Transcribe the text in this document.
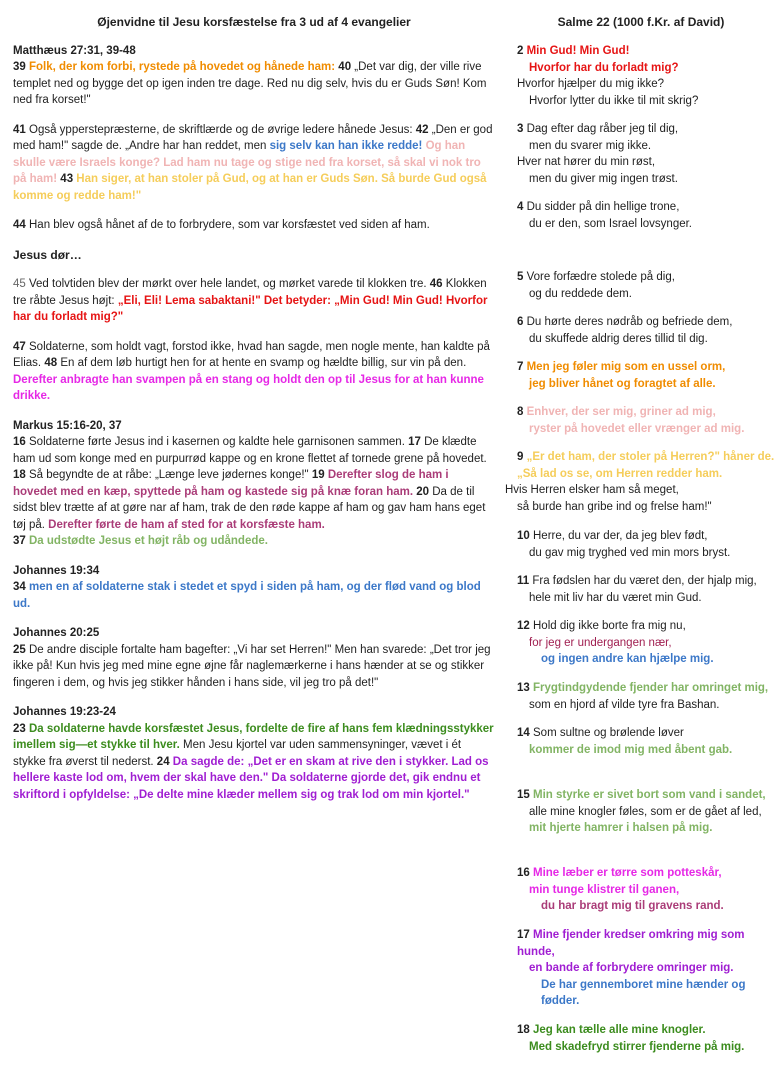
Øjenvidne til Jesu korsfæstelse fra 3 ud af 4 evangelier
Matthæus 27:31, 39-48

39 Folk, der kom forbi, rystede på hovedet og hånede ham: 40 „Det var dig, der ville rive templet ned og bygge det op igen inden tre dage. Red nu dig selv, hvis du er Guds Søn! Kom ned fra korset!"

41 Også ypperstepræsterne, de skriftlærde og de øvrige ledere hånede Jesus: 42 „Den er god med ham!" sagde de. „Andre har han reddet, men sig selv kan han ikke redde! Og han skulle være Israels konge? Lad ham nu tage og stige ned fra korset, så skal vi nok tro på ham! 43 Han siger, at han stoler på Gud, og at han er Guds Søn. Så burde Gud også komme og redde ham!"

44 Han blev også hånet af de to forbrydere, som var korsfæstet ved siden af ham.

Jesus dør…

45 Ved tolvtiden blev der mørkt over hele landet, og mørket varede til klokken tre. 46 Klokken tre råbte Jesus højt: „Eli, Eli! Lema sabaktani!" Det betyder: „Min Gud! Min Gud! Hvorfor har du forladt mig?"

47 Soldaterne, som holdt vagt, forstod ikke, hvad han sagde, men nogle mente, han kaldte på Elias. 48 En af dem løb hurtigt hen for at hente en svamp og hældte billig, sur vin på den. Derefter anbragte han svampen på en stang og holdt den op til Jesus for at han kunne drikke.

Markus 15:16-20, 37

16 Soldaterne førte Jesus ind i kasernen og kaldte hele garnisonen sammen. 17 De klædte ham ud som konge med en purpurrød kappe og en krone flettet af tornede grene på hovedet. 18 Så begyndte de at råbe: „Længe leve jødernes konge!" 19 Derefter slog de ham i hovedet med en kæp, spyttede på ham og kastede sig på knæ foran ham. 20 Da de til sidst blev trætte af at gøre nar af ham, trak de den røde kappe af ham og gav ham hans eget tøj på. Derefter førte de ham af sted for at korsfæste ham.

37 Da udstødte Jesus et højt råb og udåndede.

Johannes 19:34

34 men en af soldaterne stak i stedet et spyd i siden på ham, og der flød vand og blod ud.

Johannes 20:25

25 De andre disciple fortalte ham bagefter: „Vi har set Herren!" Men han svarede: „Det tror jeg ikke på! Kun hvis jeg med mine egne øjne får naglemærkerne i hans hænder at se og stikker fingeren i dem, og hvis jeg stikker hånden i hans side, vil jeg tro på det!"

Johannes 19:23-24

23 Da soldaterne havde korsfæstet Jesus, fordelte de fire af hans fem klædningsstykker imellem sig—et stykke til hver. Men Jesu kjortel var uden sammensyninger, vævet i ét stykke fra øverst til nederst. 24 Da sagde de: „Det er en skam at rive den i stykker. Lad os hellere kaste lod om, hvem der skal have den." Da soldaterne gjorde det, gik endnu et skriftord i opfyldelse: „De delte mine klæder mellem sig og trak lod om min kjortel."

Salme 22 (1000 f.Kr. af David)
2 Min Gud! Min Gud!
Hvorfor har du forladt mig?
Hvorfor hjælper du mig ikke?
Hvorfor lytter du ikke til mit skrig?
3 Dag efter dag råber jeg til dig,
men du svarer mig ikke.
Hver nat hører du min røst,
men du giver mig ingen trøst.
4 Du sidder på din hellige trone,
du er den, som Israel lovsynger.
5 Vore forfædre stolede på dig,
og du reddede dem.
6 Du hørte deres nødråb og befriede dem,
du skuffede aldrig deres tillid til dig.
7 Men jeg føler mig som en ussel orm,
jeg bliver hånet og foragtet af alle.
8 Enhver, der ser mig, griner ad mig,
ryster på hovedet eller vrænger ad mig.
9 „Er det ham, der stoler på Herren?" håner de.
„Så lad os se, om Herren redder ham.
Hvis Herren elsker ham så meget,
så burde han gribe ind og frelse ham!"
10 Herre, du var der, da jeg blev født,
du gav mig tryghed ved min mors bryst.
11 Fra fødslen har du været den, der hjalp mig,
hele mit liv har du været min Gud.
12 Hold dig ikke borte fra mig nu,
for jeg er undergangen nær,
og ingen andre kan hjælpe mig.
13 Frygtindgydende fjender har omringet mig,
som en hjord af vilde tyre fra Bashan.
14 Som sultne og brølende løver
kommer de imod mig med åbent gab.
15 Min styrke er sivet bort som vand i sandet,
alle mine knogler føles, som er de gået af led,
mit hjerte hamrer i halsen på mig.
16 Mine læber er tørre som potteskår,
min tunge klistrer til ganen,
du har bragt mig til gravens rand.
17 Mine fjender kredser omkring mig som hunde,
en bande af forbrydere omringer mig.
De har gennemboret mine hænder og fødder.
18 Jeg kan tælle alle mine knogler.
Med skadefryd stirrer fjenderne på mig.
